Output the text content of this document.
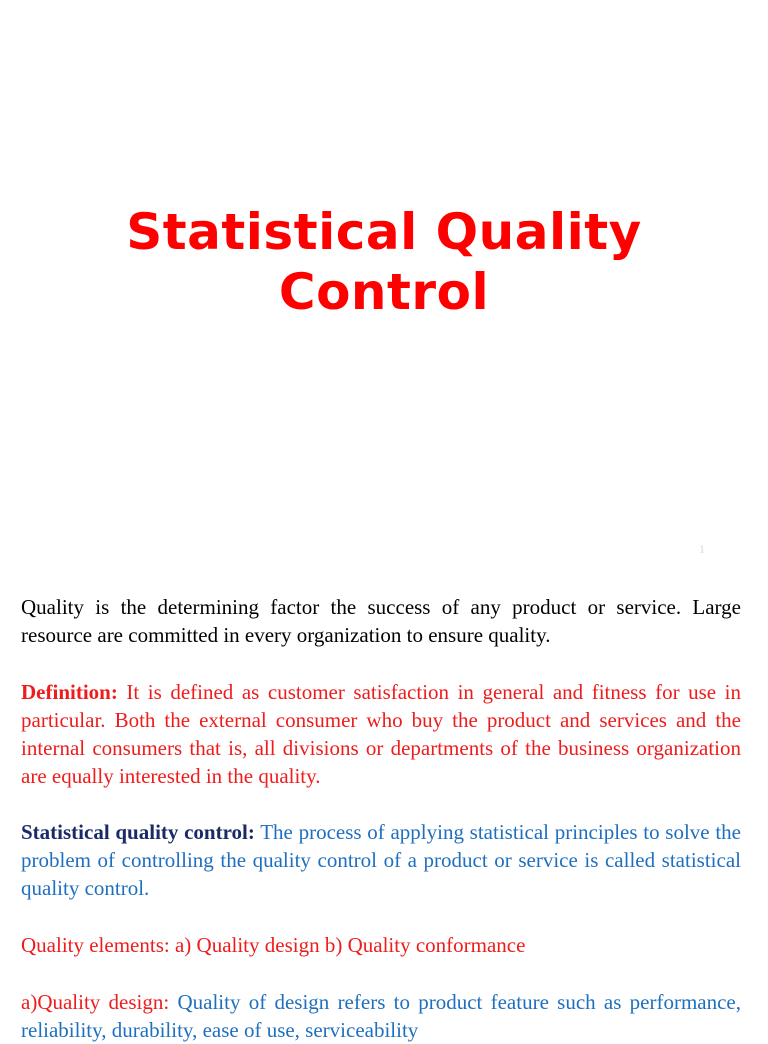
Statistical Quality
Control
1

Quality is the determining factor the success of any product or service. Large resource are committed in every organization to ensure quality.

Definition: It is defined as customer satisfaction in general and fitness for use in particular. Both the external consumer who buy the product and services and the internal consumers that is, all divisions or departments of the business organization are equally interested in the quality.

Statistical quality control: The process of applying statistical principles to solve the problem of controlling the quality control of a product or service is called statistical quality control.

Quality elements: a) Quality design b) Quality conformance

a)Quality design: Quality of design refers to product feature such as performance, reliability, durability, ease of use, serviceability
